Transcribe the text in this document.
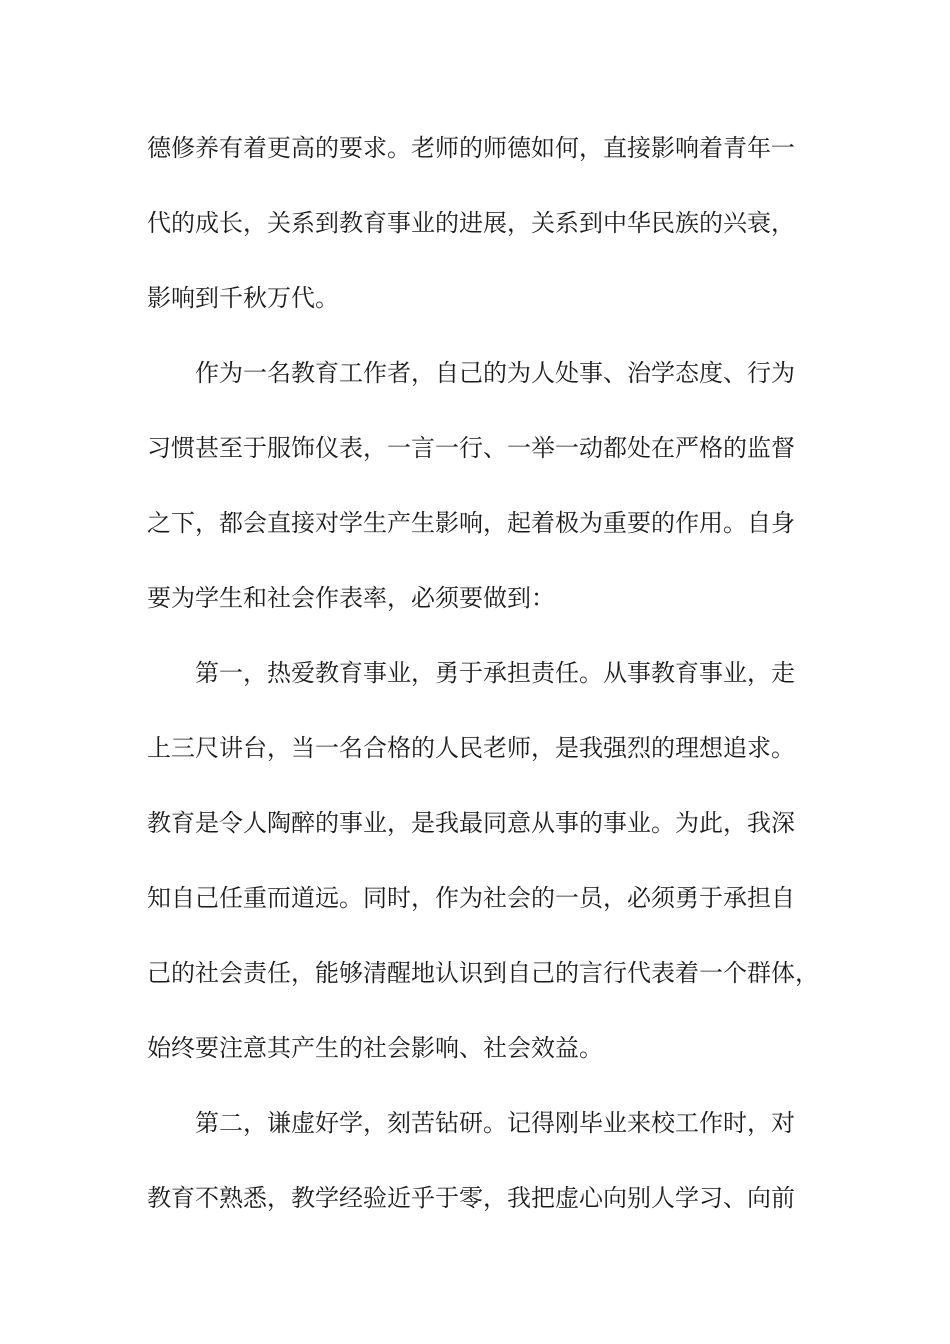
德修养有着更高的要求。老师的师德如何，直接影响着青年一
代的成长，关系到教育事业的进展，关系到中华民族的兴衰，
影响到千秋万代。
作为一名教育工作者，自己的为人处事、治学态度、行为
习惯甚至于服饰仪表，一言一行、一举一动都处在严格的监督
之下，都会直接对学生产生影响，起着极为重要的作用。自身
要为学生和社会作表率，必须要做到：
第一，热爱教育事业，勇于承担责任。从事教育事业，走
上三尺讲台，当一名合格的人民老师，是我强烈的理想追求。
教育是令人陶醉的事业，是我最同意从事的事业。为此，我深
知自己任重而道远。同时，作为社会的一员，必须勇于承担自
己的社会责任，能够清醒地认识到自己的言行代表着一个群体，
始终要注意其产生的社会影响、社会效益。
第二，谦虚好学，刻苦钻研。记得刚毕业来校工作时，对
教育不熟悉，教学经验近乎于零，我把虚心向别人学习、向前
